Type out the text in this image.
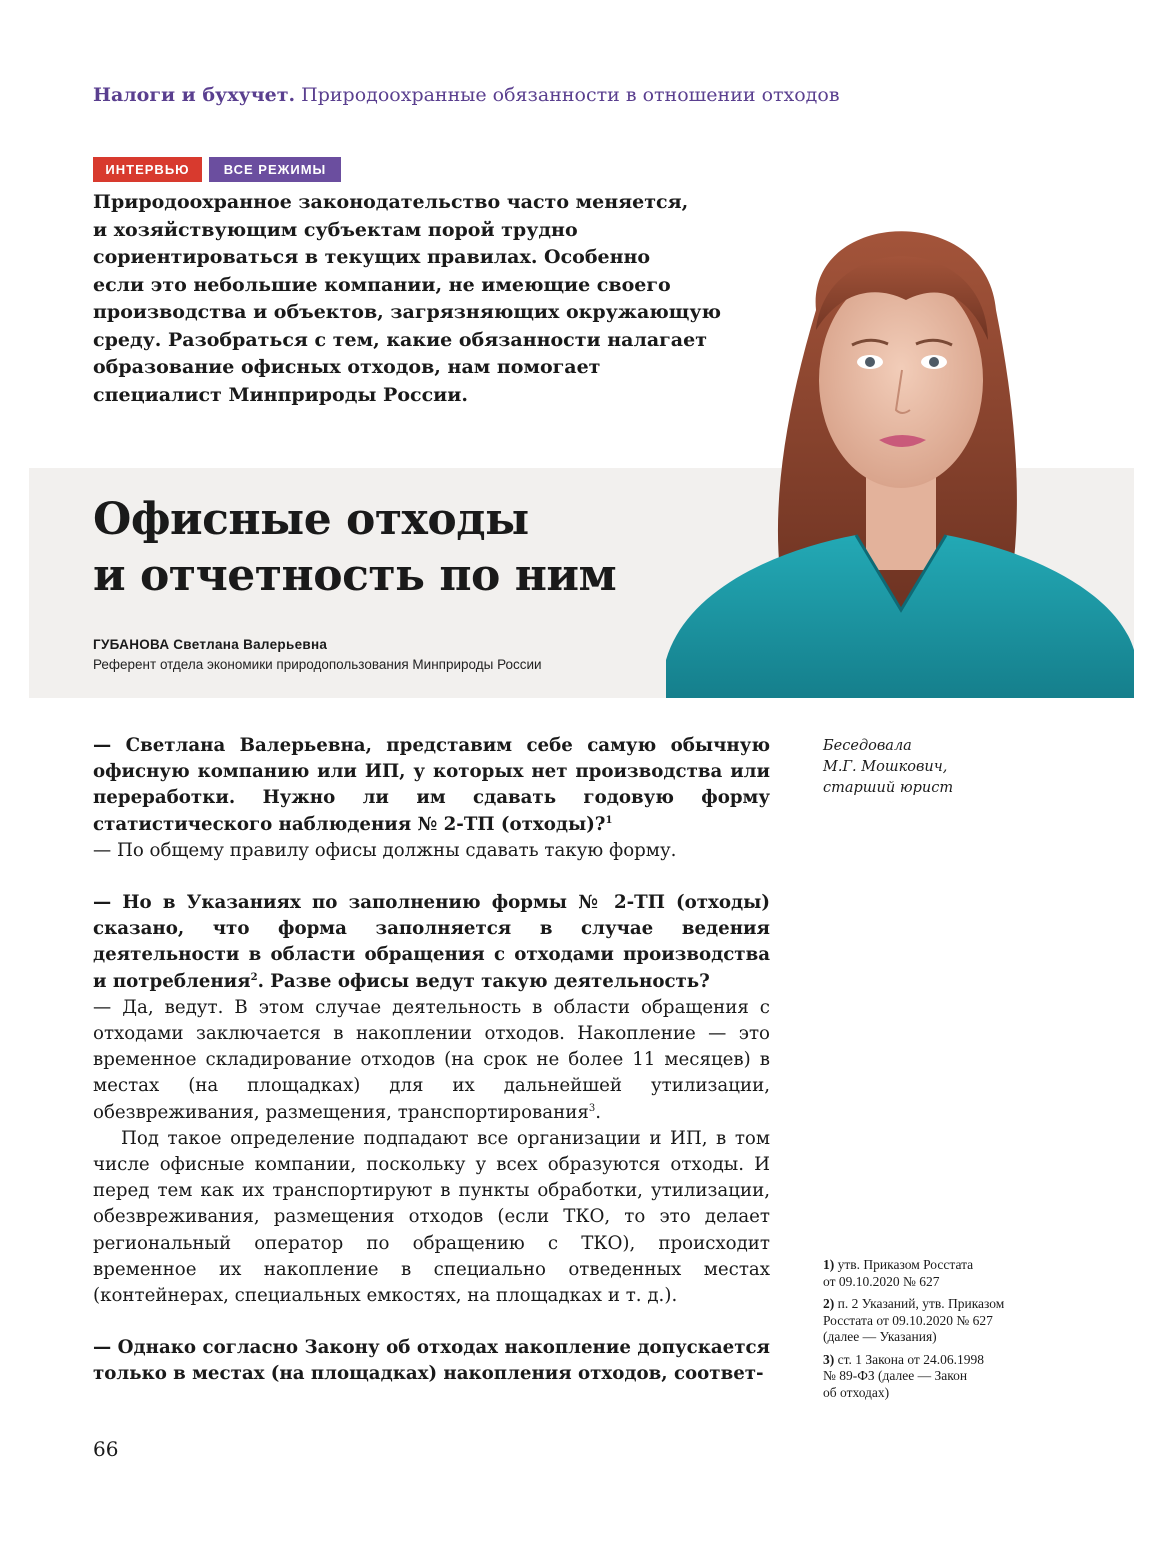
Налоги и бухучет. Природоохранные обязанности в отношении отходов
ИНТЕРВЬЮ	ВСЕ РЕЖИМЫ
Природоохранное законодательство часто меняется,
и хозяйствующим субъектам порой трудно
сориентироваться в текущих правилах. Особенно
если это небольшие компании, не имеющие своего
производства и объектов, загрязняющих окружающую
среду. Разобраться с тем, какие обязанности налагает
образование офисных отходов, нам помогает
специалист Минприроды России.
Офисные отходы
и отчетность по ним
ГУБАНОВА Светлана Валерьевна
Референт отдела экономики природопользования Минприроды России

— Светлана Валерьевна, представим себе самую обычную офисную компанию или ИП, у которых нет производства или переработки. Нужно ли им сдавать годовую форму статистического наблюдения № 2-ТП (отходы)?$^1$

— По общему правилу офисы должны сдавать такую форму.

— Но в Указаниях по заполнению формы № 2-ТП (отходы) сказано, что форма заполняется в случае ведения деятельности в области обращения с отходами производства и потребления$^2$. Разве офисы ведут такую деятельность?

— Да, ведут. В этом случае деятельность в области обращения с отходами заключается в накоплении отходов. Накопление — это временное складирование отходов (на срок не более 11 месяцев) в местах (на площадках) для их дальнейшей утилизации, обезвреживания, размещения, транспортирования$^3$.

Под такое определение подпадают все организации и ИП, в том числе офисные компании, поскольку у всех образуются отходы. И перед тем как их транспортируют в пункты обработки, утилизации, обезвреживания, размещения отходов (если ТКО, то это делает региональный оператор по обращению с ТКО), происходит временное их накопление в специально отведенных местах (контейнерах, специальных емкостях, на площадках и т. д.).

— Однако согласно Закону об отходах накопление допускается только в местах (на площадках) накопления отходов, соответ-

Беседовала
М.Г. Мошкович,
старший юрист
1) утв. Приказом Росстата
от 09.10.2020 № 627
2) п. 2 Указаний, утв. Приказом
Росстата от 09.10.2020 № 627
(далее — Указания)
3) ст. 1 Закона от 24.06.1998
№ 89-ФЗ (далее — Закон
об отходах)
66
